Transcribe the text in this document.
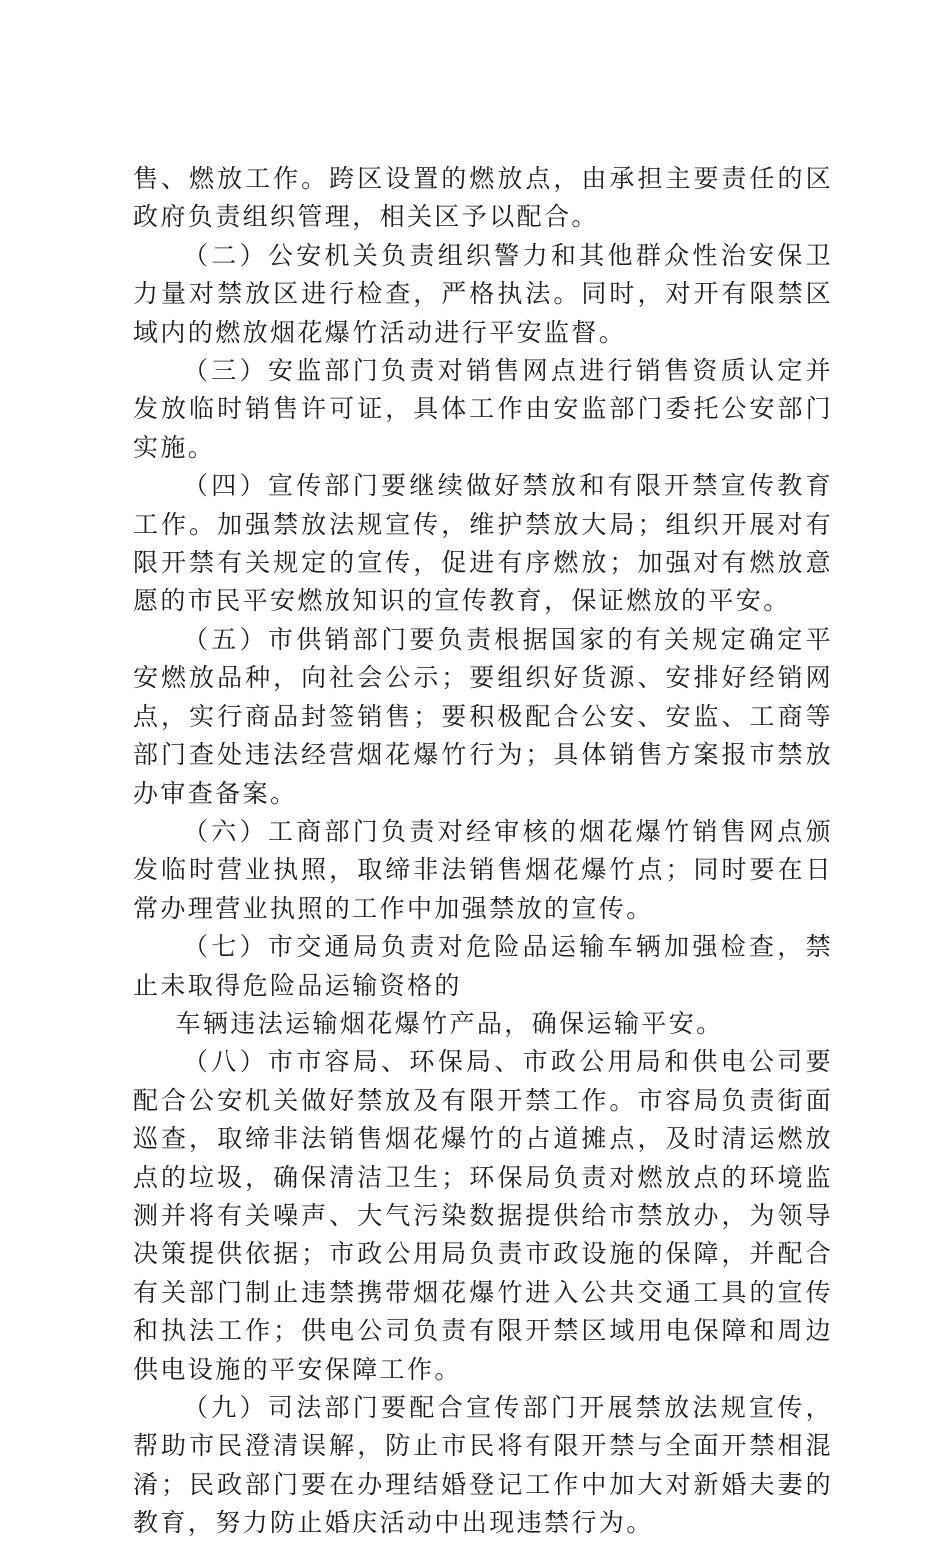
售、燃放工作。跨区设置的燃放点，由承担主要责任的区政府负责组织管理，相关区予以配合。

（二）公安机关负责组织警力和其他群众性治安保卫力量对禁放区进行检查，严格执法。同时，对开有限禁区域内的燃放烟花爆竹活动进行平安监督。

（三）安监部门负责对销售网点进行销售资质认定并发放临时销售许可证，具体工作由安监部门委托公安部门实施。

（四）宣传部门要继续做好禁放和有限开禁宣传教育工作。加强禁放法规宣传，维护禁放大局；组织开展对有限开禁有关规定的宣传，促进有序燃放；加强对有燃放意愿的市民平安燃放知识的宣传教育，保证燃放的平安。

（五）市供销部门要负责根据国家的有关规定确定平安燃放品种，向社会公示；要组织好货源、安排好经销网点，实行商品封签销售；要积极配合公安、安监、工商等部门查处违法经营烟花爆竹行为；具体销售方案报市禁放办审查备案。

（六）工商部门负责对经审核的烟花爆竹销售网点颁发临时营业执照，取缔非法销售烟花爆竹点；同时要在日常办理营业执照的工作中加强禁放的宣传。

（七）市交通局负责对危险品运输车辆加强检查，禁止未取得危险品运输资格的

车辆违法运输烟花爆竹产品，确保运输平安。

（八）市市容局、环保局、市政公用局和供电公司要配合公安机关做好禁放及有限开禁工作。市容局负责街面巡查，取缔非法销售烟花爆竹的占道摊点，及时清运燃放点的垃圾，确保清洁卫生；环保局负责对燃放点的环境监测并将有关噪声、大气污染数据提供给市禁放办，为领导决策提供依据；市政公用局负责市政设施的保障，并配合有关部门制止违禁携带烟花爆竹进入公共交通工具的宣传和执法工作；供电公司负责有限开禁区域用电保障和周边供电设施的平安保障工作。

（九）司法部门要配合宣传部门开展禁放法规宣传，帮助市民澄清误解，防止市民将有限开禁与全面开禁相混淆；民政部门要在办理结婚登记工作中加大对新婚夫妻的教育，努力防止婚庆活动中出现违禁行为。
